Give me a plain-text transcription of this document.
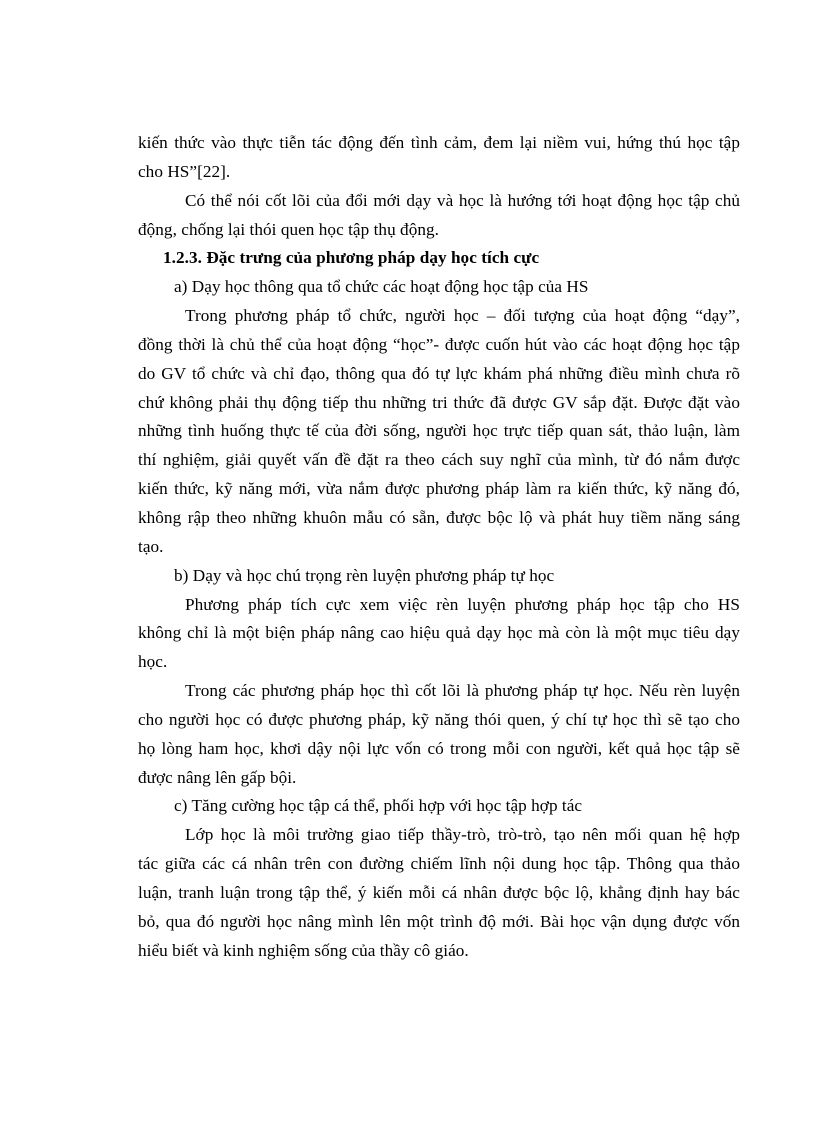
kiến thức vào thực tiễn tác động đến tình cảm, đem lại niềm vui, hứng thú học tập
cho HS”[22].
Có thể nói cốt lõi của đổi mới dạy và học là hướng tới hoạt động học tập chủ
động, chống lại thói quen học tập thụ động.
1.2.3. Đặc trưng của phương pháp dạy học tích cực
a) Dạy học thông qua tổ chức các hoạt động học tập của HS
Trong phương pháp tổ chức, người học – đối tượng của hoạt động “dạy”,
đồng thời là chủ thể của hoạt động “học”- được cuốn hút vào các hoạt động học tập
do GV tổ chức và chỉ đạo, thông qua đó tự lực khám phá những điều mình chưa rõ
chứ không phải thụ động tiếp thu những tri thức đã được GV sắp đặt. Được đặt vào
những tình huống thực tế của đời sống, người học trực tiếp quan sát, thảo luận, làm
thí nghiệm, giải quyết vấn đề đặt ra theo cách suy nghĩ của mình, từ đó nắm được
kiến thức, kỹ năng mới, vừa nắm được phương pháp làm ra kiến thức, kỹ năng đó,
không rập theo những khuôn mẫu có sẵn, được bộc lộ và phát huy tiềm năng sáng
tạo.
b) Dạy và học chú trọng rèn luyện phương pháp tự học
Phương pháp tích cực xem việc rèn luyện phương pháp học tập cho HS
không chỉ là một biện pháp nâng cao hiệu quả dạy học mà còn là một mục tiêu dạy
học.
Trong các phương pháp học thì cốt lõi là phương pháp tự học. Nếu rèn luyện
cho người học có được phương pháp, kỹ năng thói quen, ý chí tự học thì sẽ tạo cho
họ lòng ham học, khơi dậy nội lực vốn có trong mỗi con người, kết quả học tập sẽ
được nâng lên gấp bội.
c) Tăng cường học tập cá thể, phối hợp với học tập hợp tác
Lớp học là môi trường giao tiếp thầy-trò, trò-trò, tạo nên mối quan hệ hợp
tác giữa các cá nhân trên con đường chiếm lĩnh nội dung học tập. Thông qua thảo
luận, tranh luận trong tập thể, ý kiến mỗi cá nhân được bộc lộ, khẳng định hay bác
bỏ, qua đó người học nâng mình lên một trình độ mới. Bài học vận dụng được vốn
hiểu biết và kinh nghiệm sống của thầy cô giáo.
